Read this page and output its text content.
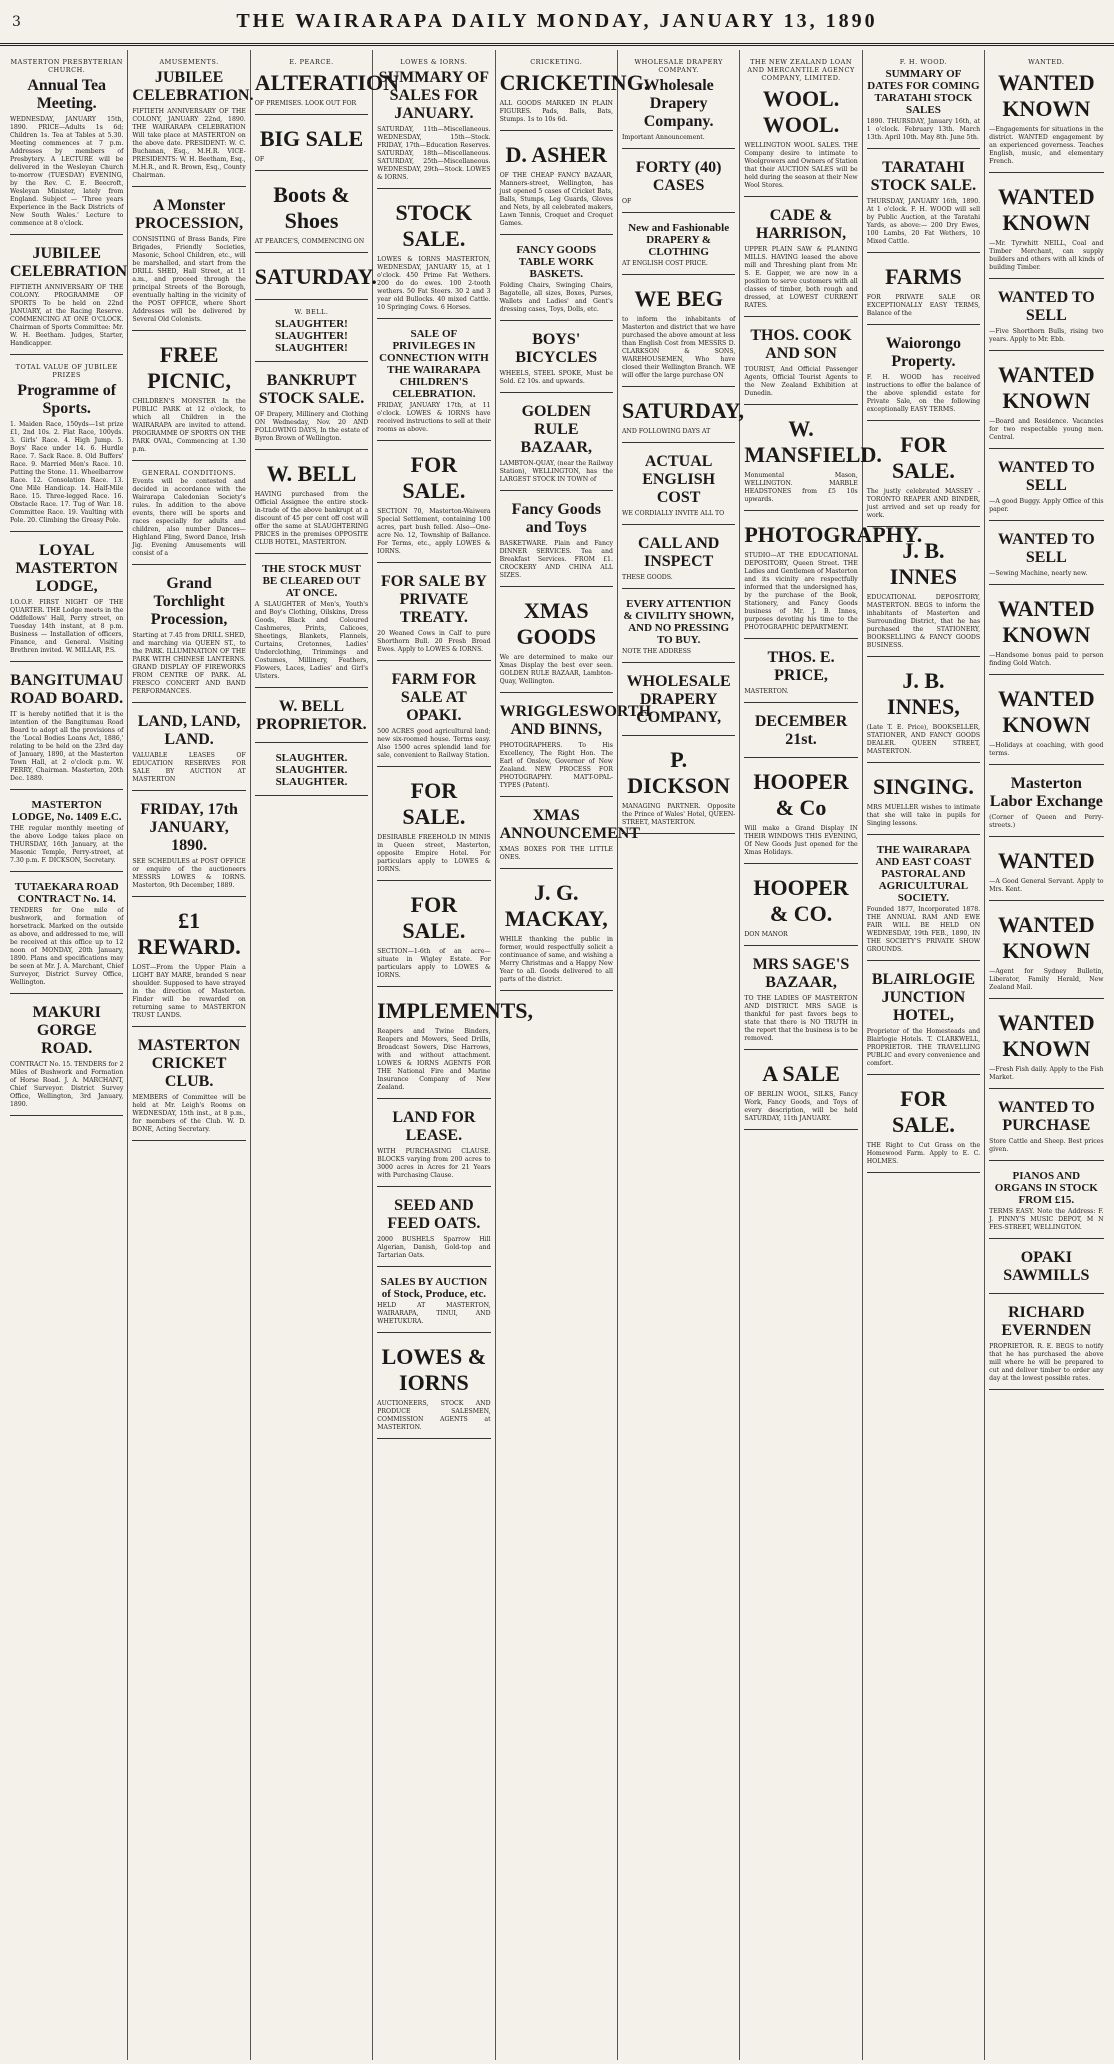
3	THE WAIRARAPA DAILY MONDAY, JANUARY 13, 1890
MASTERTON PRESBYTERIAN CHURCH.
Annual Tea Meeting.

WEDNESDAY, JANUARY 15th, 1890. PRICE—Adults 1s 6d; Children 1s. Tea at Tables at 5.30. Meeting commences at 7 p.m. Addresses by members of Presbytery. A LECTURE will be delivered in the Wesleyan Church to-morrow (TUESDAY) EVENING, by the Rev. C. E. Beecroft, Wesleyan Minister, lately from England. Subject — 'Three years Experience in the Back Districts of New South Wales.' Lecture to commence at 8 o'clock.

JUBILEE CELEBRATION

FIFTIETH ANNIVERSARY OF THE COLONY. PROGRAMME OF SPORTS To be held on 22nd JANUARY, at the Racing Reserve. COMMENCING AT ONE O'CLOCK. Chairman of Sports Committee: Mr. W. H. Beetham. Judges, Starter, Handicapper.

TOTAL VALUE OF JUBILEE PRIZES
Programme of Sports.

1. Maiden Race, 150yds—1st prize £1, 2nd 10s. 2. Flat Race, 100yds. 3. Girls' Race. 4. High Jump. 5. Boys' Race under 14. 6. Hurdle Race. 7. Sack Race. 8. Old Buffers' Race. 9. Married Men's Race. 10. Putting the Stone. 11. Wheelbarrow Race. 12. Consolation Race. 13. One Mile Handicap. 14. Half-Mile Race. 15. Three-legged Race. 16. Obstacle Race. 17. Tug of War. 18. Committee Race. 19. Vaulting with Pole. 20. Climbing the Greasy Pole.

LOYAL MASTERTON LODGE,

I.O.O.F. FIRST NIGHT OF THE QUARTER. THE Lodge meets in the Oddfellows' Hall, Perry street, on Tuesday 14th instant, at 8 p.m. Business — Installation of officers, Finance, and General. Visiting Brethren invited. W. MILLAR, P.S.

BANGITUMAU ROAD BOARD.

IT is hereby notified that it is the intention of the Bangitumau Road Board to adopt all the provisions of the 'Local Bodies Loans Act, 1886,' relating to be held on the 23rd day of January, 1890, at the Masterton Town Hall, at 2 o'clock p.m. W. PERRY, Chairman. Masterton, 20th Dec. 1889.

MASTERTON LODGE, No. 1409 E.C.

THE regular monthly meeting of the above Lodge takes place on THURSDAY, 16th January, at the Masonic Temple, Perry-street, at 7.30 p.m. F. DICKSON, Secretary.

TUTAEKARA ROAD CONTRACT No. 14.

TENDERS for One mile of bushwork, and formation of horsetrack. Marked on the outside as above, and addressed to me, will be received at this office up to 12 noon of MONDAY, 20th January, 1890. Plans and specifications may be seen at Mr. J. A. Marchant, Chief Surveyor, District Survey Office, Wellington.

MAKURI GORGE ROAD.

CONTRACT No. 15. TENDERS for 2 Miles of Bushwork and Formation of Horse Road. J. A. MARCHANT, Chief Surveyor. District Survey Office, Wellington, 3rd January, 1890.

AMUSEMENTS.
JUBILEE CELEBRATION.

FIFTIETH ANNIVERSARY OF THE COLONY, JANUARY 22nd, 1890. THE WAIRARAPA CELEBRATION Will take place at MASTERTON on the above date. PRESIDENT: W. C. Buchanan, Esq., M.H.R. VICE-PRESIDENTS: W. H. Beetham, Esq., M.H.R., and R. Brown, Esq., County Chairman.

A Monster PROCESSION,

CONSISTING of Brass Bands, Fire Brigades, Friendly Societies, Masonic, School Children, etc., will be marshalled, and start from the DRILL SHED, Hall Street, at 11 a.m., and proceed through the principal Streets of the Borough, eventually halting in the vicinity of the POST OFFICE, where Short Addresses will be delivered by Several Old Colonists.

FREE PICNIC,

CHILDREN'S MONSTER In the PUBLIC PARK at 12 o'clock, to which all Children in the WAIRARAPA are invited to attend. PROGRAMME OF SPORTS ON THE PARK OVAL, Commencing at 1.30 p.m.

GENERAL CONDITIONS.

Events will be contested and decided in accordance with the Wairarapa Caledonian Society's rules. In addition to the above events, there will be sports and races especially for adults and children, also number Dances—Highland Fling, Sword Dance, Irish Jig. Evening Amusements will consist of a

Grand Torchlight Procession,

Starting at 7.45 from DRILL SHED, and marching via QUEEN ST., to the PARK. ILLUMINATION OF THE PARK WITH CHINESE LANTERNS. GRAND DISPLAY OF FIREWORKS FROM CENTRE OF PARK. AL FRESCO CONCERT AND BAND PERFORMANCES.

LAND, LAND, LAND.

VALUABLE LEASES OF EDUCATION RESERVES FOR SALE BY AUCTION AT MASTERTON

FRIDAY, 17th JANUARY, 1890.

SEE SCHEDULES at POST OFFICE or enquire of the auctioneers MESSRS LOWES & IORNS. Masterton, 9th December, 1889.

£1 REWARD.

LOST—From the Upper Plain a LIGHT BAY MARE, branded S near shoulder. Supposed to have strayed in the direction of Masterton. Finder will be rewarded on returning same to MASTERTON TRUST LANDS.

MASTERTON CRICKET CLUB.

MEMBERS of Committee will be held at Mr. Leigh's Rooms on WEDNESDAY, 15th inst., at 8 p.m., for members of the Club. W. D. BONE, Acting Secretary.

E. PEARCE.
ALTERATION

OF PREMISES. LOOK OUT FOR

BIG SALE

OF

Boots & Shoes

AT PEARCE'S, COMMENCING ON

SATURDAY.
W. BELL.
SLAUGHTER! SLAUGHTER! SLAUGHTER!
BANKRUPT STOCK SALE.

OF Drapery, Millinery and Clothing ON Wednesday, Nov. 20 AND FOLLOWING DAYS, In the estate of Byron Brown of Wellington.

W. BELL

HAVING purchased from the Official Assignee the entire stock-in-trade of the above bankrupt at a discount of 45 per cent off cost will offer the same at SLAUGHTERING PRICES in the premises OPPOSITE CLUB HOTEL, MASTERTON.

THE STOCK MUST BE CLEARED OUT AT ONCE.

A SLAUGHTER of Men's, Youth's and Boy's Clothing, Oilskins, Dress Goods, Black and Coloured Cashmeres, Prints, Calicoes, Sheetings, Blankets, Flannels, Curtains, Cretonnes, Ladies' Underclothing, Trimmings and Costumes, Millinery, Feathers, Flowers, Laces, Ladies' and Girl's Ulsters.

W. BELL PROPRIETOR.
SLAUGHTER. SLAUGHTER. SLAUGHTER.
LOWES & IORNS.
SUMMARY OF SALES FOR JANUARY.

SATURDAY, 11th—Miscellaneous. WEDNESDAY, 15th—Stock. FRIDAY, 17th—Education Reserves. SATURDAY, 18th—Miscellaneous. SATURDAY, 25th—Miscellaneous. WEDNESDAY, 29th—Stock. LOWES & IORNS.

STOCK SALE.

LOWES & IORNS MASTERTON, WEDNESDAY, JANUARY 15, at 1 o'clock. 450 Prime Fat Wethers. 200 do do ewes. 100 2-tooth wethers. 50 Fat Steers. 30 2 and 3 year old Bullocks. 40 mixed Cattle. 10 Springing Cows. 6 Horses.

SALE OF PRIVILEGES IN CONNECTION WITH THE WAIRARAPA CHILDREN'S CELEBRATION.

FRIDAY, JANUARY 17th, at 11 o'clock. LOWES & IORNS have received instructions to sell at their rooms as above.

FOR SALE.

SECTION 70, Masterton-Waiwera Special Settlement, containing 100 acres, part bush felled. Also—One-acre No. 12, Township of Ballance. For Terms, etc., apply LOWES & IORNS.

FOR SALE BY PRIVATE TREATY.

20 Weaned Cows in Calf to pure Shorthorn Bull. 20 Fresh Broad Ewes. Apply to LOWES & IORNS.

FARM FOR SALE AT OPAKI.

500 ACRES good agricultural land; new six-roomed house. Terms easy. Also 1500 acres splendid land for sale, convenient to Railway Station.

FOR SALE.

DESIRABLE FREEHOLD IN MINIS in Queen street, Masterton, opposite Empire Hotel. For particulars apply to LOWES & IORNS.

FOR SALE.

SECTION—1-6th of an acre—situate in Wigley Estate. For particulars apply to LOWES & IORNS.

IMPLEMENTS,

Reapers and Twine Binders, Reapers and Mowers, Seed Drills, Broadcast Sowers, Disc Harrows, with and without attachment. LOWES & IORNS AGENTS FOR THE National Fire and Marine Insurance Company of New Zealand.

LAND FOR LEASE.

WITH PURCHASING CLAUSE. BLOCKS varying from 200 acres to 3000 acres in Acres for 21 Years with Purchasing Clause.

SEED AND FEED OATS.

2000 BUSHELS Sparrow Hill Algerian, Danish, Gold-top and Tartarian Oats.

SALES BY AUCTION of Stock, Produce, etc.

HELD AT MASTERTON, WAIRARAPA, TINUI, AND WHETUKURA.

LOWES & IORNS

AUCTIONEERS, STOCK AND PRODUCE SALESMEN, COMMISSION AGENTS at MASTERTON.

CRICKETING.
CRICKETING.

ALL GOODS MARKED IN PLAIN FIGURES. Pads, Balls, Bats, Stumps. 1s to 10s 6d.

D. ASHER

OF THE CHEAP FANCY BAZAAR, Manners-street, Wellington, has just opened 5 cases of Cricket Bats, Balls, Stumps, Leg Guards, Gloves and Nets, by all celebrated makers, Lawn Tennis, Croquet and Croquet Games.

FANCY GOODS TABLE WORK BASKETS.

Folding Chairs, Swinging Chairs, Bagatelle, all sizes, Boxes, Purses, Wallets and Ladies' and Gent's dressing cases, Toys, Dolls, etc.

BOYS' BICYCLES

WHEELS, STEEL SPOKE, Must be Sold. £2 10s. and upwards.

GOLDEN RULE BAZAAR,

LAMBTON-QUAY, (near the Railway Station), WELLINGTON, has the LARGEST STOCK IN TOWN of

Fancy Goods and Toys

BASKETWARE. Plain and Fancy DINNER SERVICES. Tea and Breakfast Services. FROM £1. CROCKERY AND CHINA ALL SIZES.

XMAS GOODS

We are determined to make our Xmas Display the best ever seen. GOLDEN RULE BAZAAR, Lambton-Quay, Wellington.

WRIGGLESWORTH AND BINNS,

PHOTOGRAPHERS. To His Excellency, The Right Hon. The Earl of Onslow, Governor of New Zealand. NEW PROCESS FOR PHOTOGRAPHY. MATT-OPAL-TYPES (Patent).

XMAS ANNOUNCEMENT

XMAS BOXES FOR THE LITTLE ONES.

J. G. MACKAY,

WHILE thanking the public in former, would respectfully solicit a continuance of same, and wishing a Merry Christmas and a Happy New Year to all. Goods delivered to all parts of the district.

WHOLESALE DRAPERY COMPANY.
Wholesale Drapery Company.

Important Announcement.

FORTY (40) CASES

OF

New and Fashionable DRAPERY & CLOTHING

AT ENGLISH COST PRICE.

WE BEG

to inform the inhabitants of Masterton and district that we have purchased the above amount at less than English Cost from MESSRS D. CLARKSON & SONS, WAREHOUSEMEN, Who have closed their Wellington Branch. WE will offer the large purchase ON

SATURDAY,

AND FOLLOWING DAYS AT

ACTUAL ENGLISH COST

WE CORDIALLY INVITE ALL TO

CALL AND INSPECT

THESE GOODS.

EVERY ATTENTION & CIVILITY SHOWN, AND NO PRESSING TO BUY.

NOTE THE ADDRESS

WHOLESALE DRAPERY COMPANY,
P. DICKSON

MANAGING PARTNER. Opposite the Prince of Wales' Hotel, QUEEN-STREET, MASTERTON.

THE NEW ZEALAND LOAN AND MERCANTILE AGENCY COMPANY, LIMITED.
WOOL. WOOL.

WELLINGTON WOOL SALES. THE Company desire to intimate to Woolgrowers and Owners of Station that their AUCTION SALES will be held during the season at their New Wool Stores.

CADE & HARRISON,

UPPER PLAIN SAW & PLANING MILLS. HAVING leased the above mill and Threshing plant from Mr. S. E. Gapper, we are now in a position to serve customers with all classes of timber, both rough and dressed, at LOWEST CURRENT RATES.

THOS. COOK AND SON

TOURIST, And Official Passenger Agents, Official Tourist Agents to the New Zealand Exhibition at Dunedin.

W. MANSFIELD.

Monumental Mason, WELLINGTON. MARBLE HEADSTONES from £5 10s upwards.

PHOTOGRAPHY.

STUDIO—AT THE EDUCATIONAL DEPOSITORY, Queen Street. THE Ladies and Gentlemen of Masterton and its vicinity are respectfully informed that the undersigned has, by the purchase of the Book, Stationery, and Fancy Goods business of Mr. J. B. Innes, purposes devoting his time to the PHOTOGRAPHIC DEPARTMENT.

THOS. E. PRICE,

MASTERTON.

DECEMBER 21st.
HOOPER & Co

Will make a Grand Display IN THEIR WINDOWS THIS EVENING, Of New Goods Just opened for the Xmas Holidays.

HOOPER & CO.

DON MANOR

MRS SAGE'S BAZAAR,

TO THE LADIES OF MASTERTON AND DISTRICT. MRS SAGE is thankful for past favors begs to state that there is NO TRUTH in the report that the business is to be removed.

A SALE

OF BERLIN WOOL, SILKS, Fancy Work, Fancy Goods, and Toys of every description, will be held SATURDAY, 11th JANUARY.

F. H. WOOD.
SUMMARY OF DATES FOR COMING TARATAHI STOCK SALES

1890. THURSDAY, January 16th, at 1 o'clock. February 13th. March 13th. April 10th. May 8th. June 5th.

TARATAHI STOCK SALE.

THURSDAY, JANUARY 16th, 1890. At 1 o'clock. F. H. WOOD will sell by Public Auction, at the Taratahi Yards, as above:— 200 Dry Ewes, 100 Lambs, 20 Fat Wethers, 10 Mixed Cattle.

FARMS

FOR PRIVATE SALE OR EXCEPTIONALLY EASY TERMS, Balance of the

Waiorongo Property.

F. H. WOOD has received instructions to offer the balance of the above splendid estate for Private Sale, on the following exceptionally EASY TERMS.

FOR SALE.

The justly celebrated MASSEY - TORONTO REAPER AND BINDER, just arrived and set up ready for work.

J. B. INNES

EDUCATIONAL DEPOSITORY, MASTERTON. BEGS to inform the inhabitants of Masterton and Surrounding District, that he has purchased the STATIONERY, BOOKSELLING & FANCY GOODS BUSINESS.

J. B. INNES,

(Late T. E. Price), BOOKSELLER, STATIONER, AND FANCY GOODS DEALER. QUEEN STREET, MASTERTON.

SINGING.

MRS MUELLER wishes to intimate that she will take in pupils for Singing lessons.

THE WAIRARAPA AND EAST COAST PASTORAL AND AGRICULTURAL SOCIETY.

Founded 1877, Incorporated 1878. THE ANNUAL RAM AND EWE FAIR WILL BE HELD ON WEDNESDAY, 19th FEB., 1890, IN THE SOCIETY'S PRIVATE SHOW GROUNDS.

BLAIRLOGIE JUNCTION HOTEL,

Proprietor of the Homesteads and Blairlogie Hotels. T. CLARKWELL, PROPRIETOR. THE TRAVELLING PUBLIC and every convenience and comfort.

FOR SALE.

THE Right to Cut Grass on the Homewood Farm. Apply to E. C. HOLMES.

WANTED.
WANTED KNOWN

—Engagements for situations in the district. WANTED engagement by an experienced governess. Teaches English, music, and elementary French.

WANTED KNOWN

—Mr. Tyrwhitt NEILL, Coal and Timber Merchant, can supply builders and others with all kinds of building Timber.

WANTED TO SELL

—Five Shorthorn Bulls, rising two years. Apply to Mr. Ebb.

WANTED KNOWN

—Board and Residence. Vacancies for two respectable young men. Central.

WANTED TO SELL

—A good Buggy. Apply Office of this paper.

WANTED TO SELL

—Sewing Machine, nearly new.

WANTED KNOWN

—Handsome bonus paid to person finding Gold Watch.

WANTED KNOWN

—Holidays at coaching, with good terms.

Masterton Labor Exchange

(Corner of Queen and Perry-streets.)

WANTED

—A Good General Servant. Apply to Mrs. Kent.

WANTED KNOWN

—Agent for Sydney Bulletin, Liberator, Family Herald, New Zealand Mail.

WANTED KNOWN

—Fresh Fish daily. Apply to the Fish Market.

WANTED TO PURCHASE

Store Cattle and Sheep. Best prices given.

PIANOS AND ORGANS IN STOCK FROM £15.

TERMS EASY. Note the Address: F. J. PINNY'S MUSIC DEPOT, M N FES-STREET, WELLINGTON.

OPAKI SAWMILLS
RICHARD EVERNDEN

PROPRIETOR. R. E. BEGS to notify that he has purchased the above mill where he will be prepared to cut and deliver timber to order any day at the lowest possible rates.
